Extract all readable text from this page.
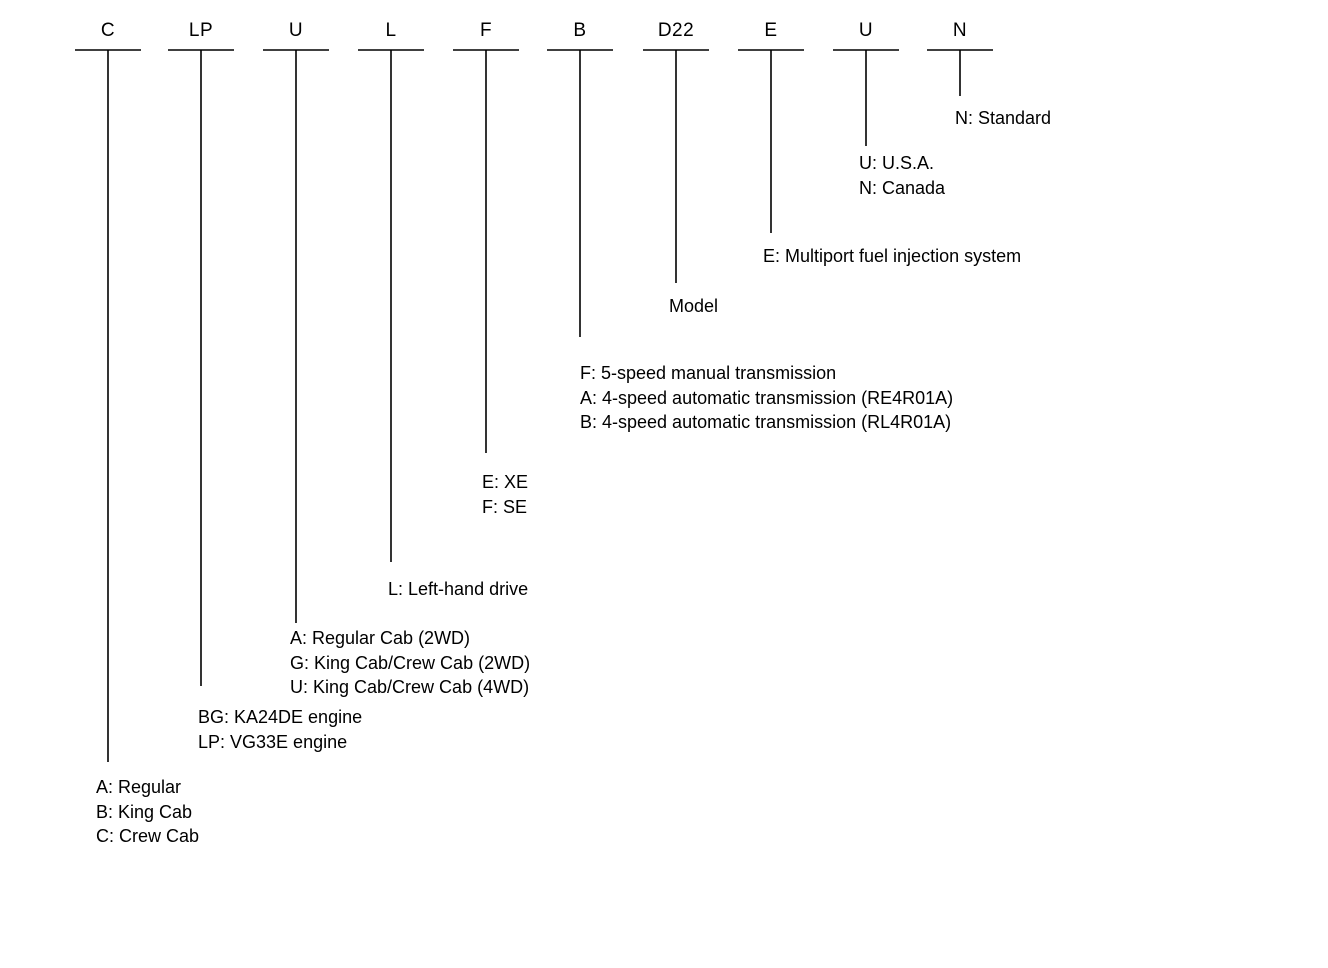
C	LP	U	L	F	B	D22	E	U	N
A: Regular
B: King Cab
C: Crew Cab
BG: KA24DE engine
LP: VG33E engine
A: Regular Cab (2WD)
G: King Cab/Crew Cab (2WD)
U: King Cab/Crew Cab (4WD)
L: Left-hand drive
E: XE
F: SE
F: 5-speed manual transmission
A: 4-speed automatic transmission (RE4R01A)
B: 4-speed automatic transmission (RL4R01A)
Model
E: Multiport fuel injection system
U: U.S.A.
N: Canada
N: Standard
